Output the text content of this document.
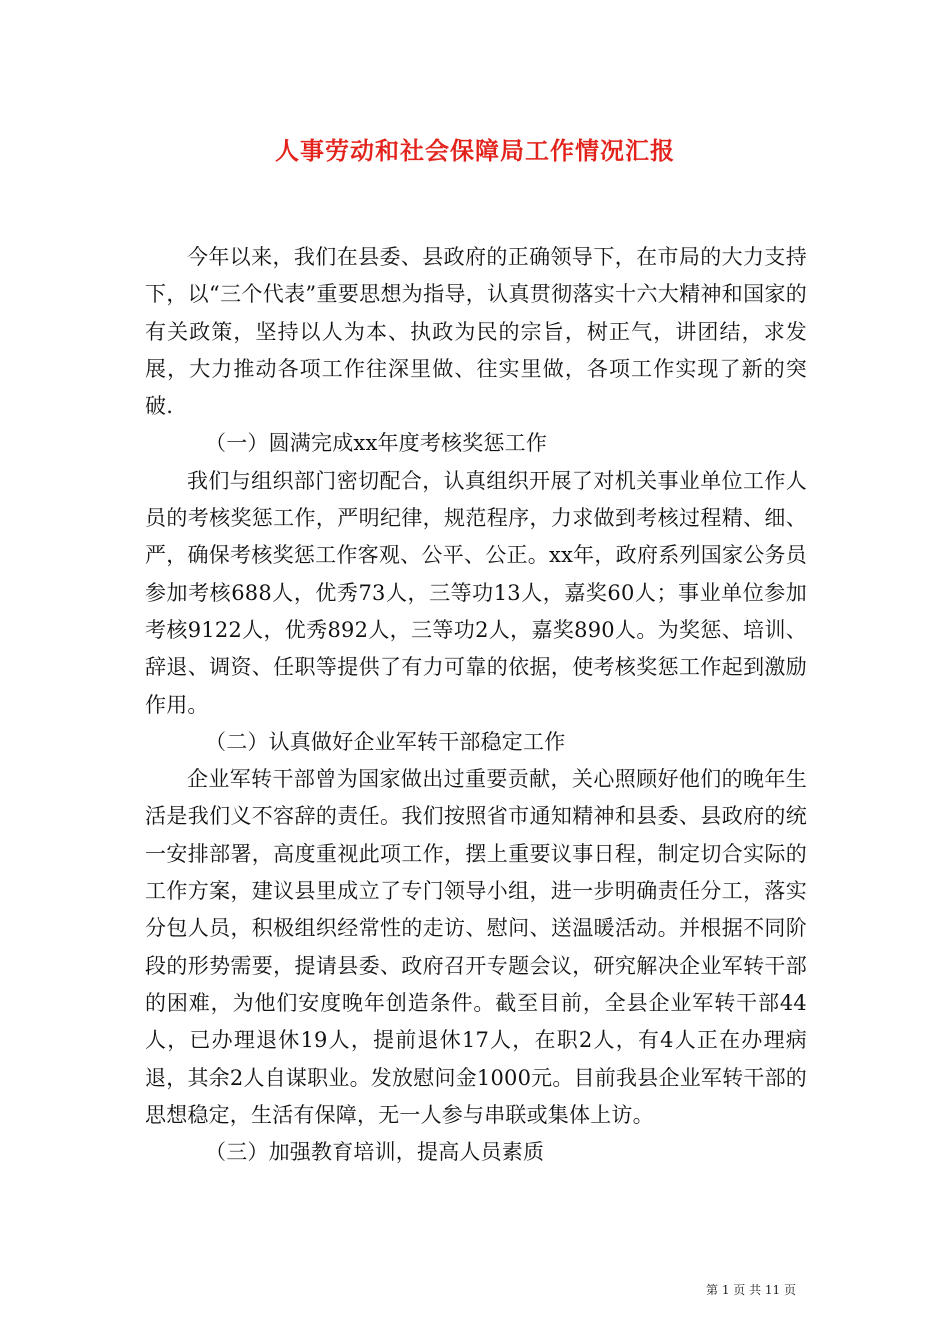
人事劳动和社会保障局工作情况汇报

今年以来，我们在县委、县政府的正确领导下，在市局的大力支持下，以“三个代表”重要思想为指导，认真贯彻落实十六大精神和国家的有关政策，坚持以人为本、执政为民的宗旨，树正气，讲团结，求发展，大力推动各项工作往深里做、往实里做，各项工作实现了新的突破.

（一）圆满完成xx年度考核奖惩工作

我们与组织部门密切配合，认真组织开展了对机关事业单位工作人员的考核奖惩工作，严明纪律，规范程序，力求做到考核过程精、细、严，确保考核奖惩工作客观、公平、公正。xx年，政府系列国家公务员参加考核688人，优秀73人，三等功13人，嘉奖60人；事业单位参加考核9122人，优秀892人，三等功2人，嘉奖890人。为奖惩、培训、辞退、调资、任职等提供了有力可靠的依据，使考核奖惩工作起到激励作用。

（二）认真做好企业军转干部稳定工作

企业军转干部曾为国家做出过重要贡献，关心照顾好他们的晚年生活是我们义不容辞的责任。我们按照省市通知精神和县委、县政府的统一安排部署，高度重视此项工作，摆上重要议事日程，制定切合实际的工作方案，建议县里成立了专门领导小组，进一步明确责任分工，落实分包人员，积极组织经常性的走访、慰问、送温暖活动。并根据不同阶段的形势需要，提请县委、政府召开专题会议，研究解决企业军转干部的困难，为他们安度晚年创造条件。截至目前，全县企业军转干部44人，已办理退休19人，提前退休17人，在职2人，有4人正在办理病退，其余2人自谋职业。发放慰问金1000元。目前我县企业军转干部的思想稳定，生活有保障，无一人参与串联或集体上访。

（三）加强教育培训，提高人员素质

第 1 页 共 11 页
